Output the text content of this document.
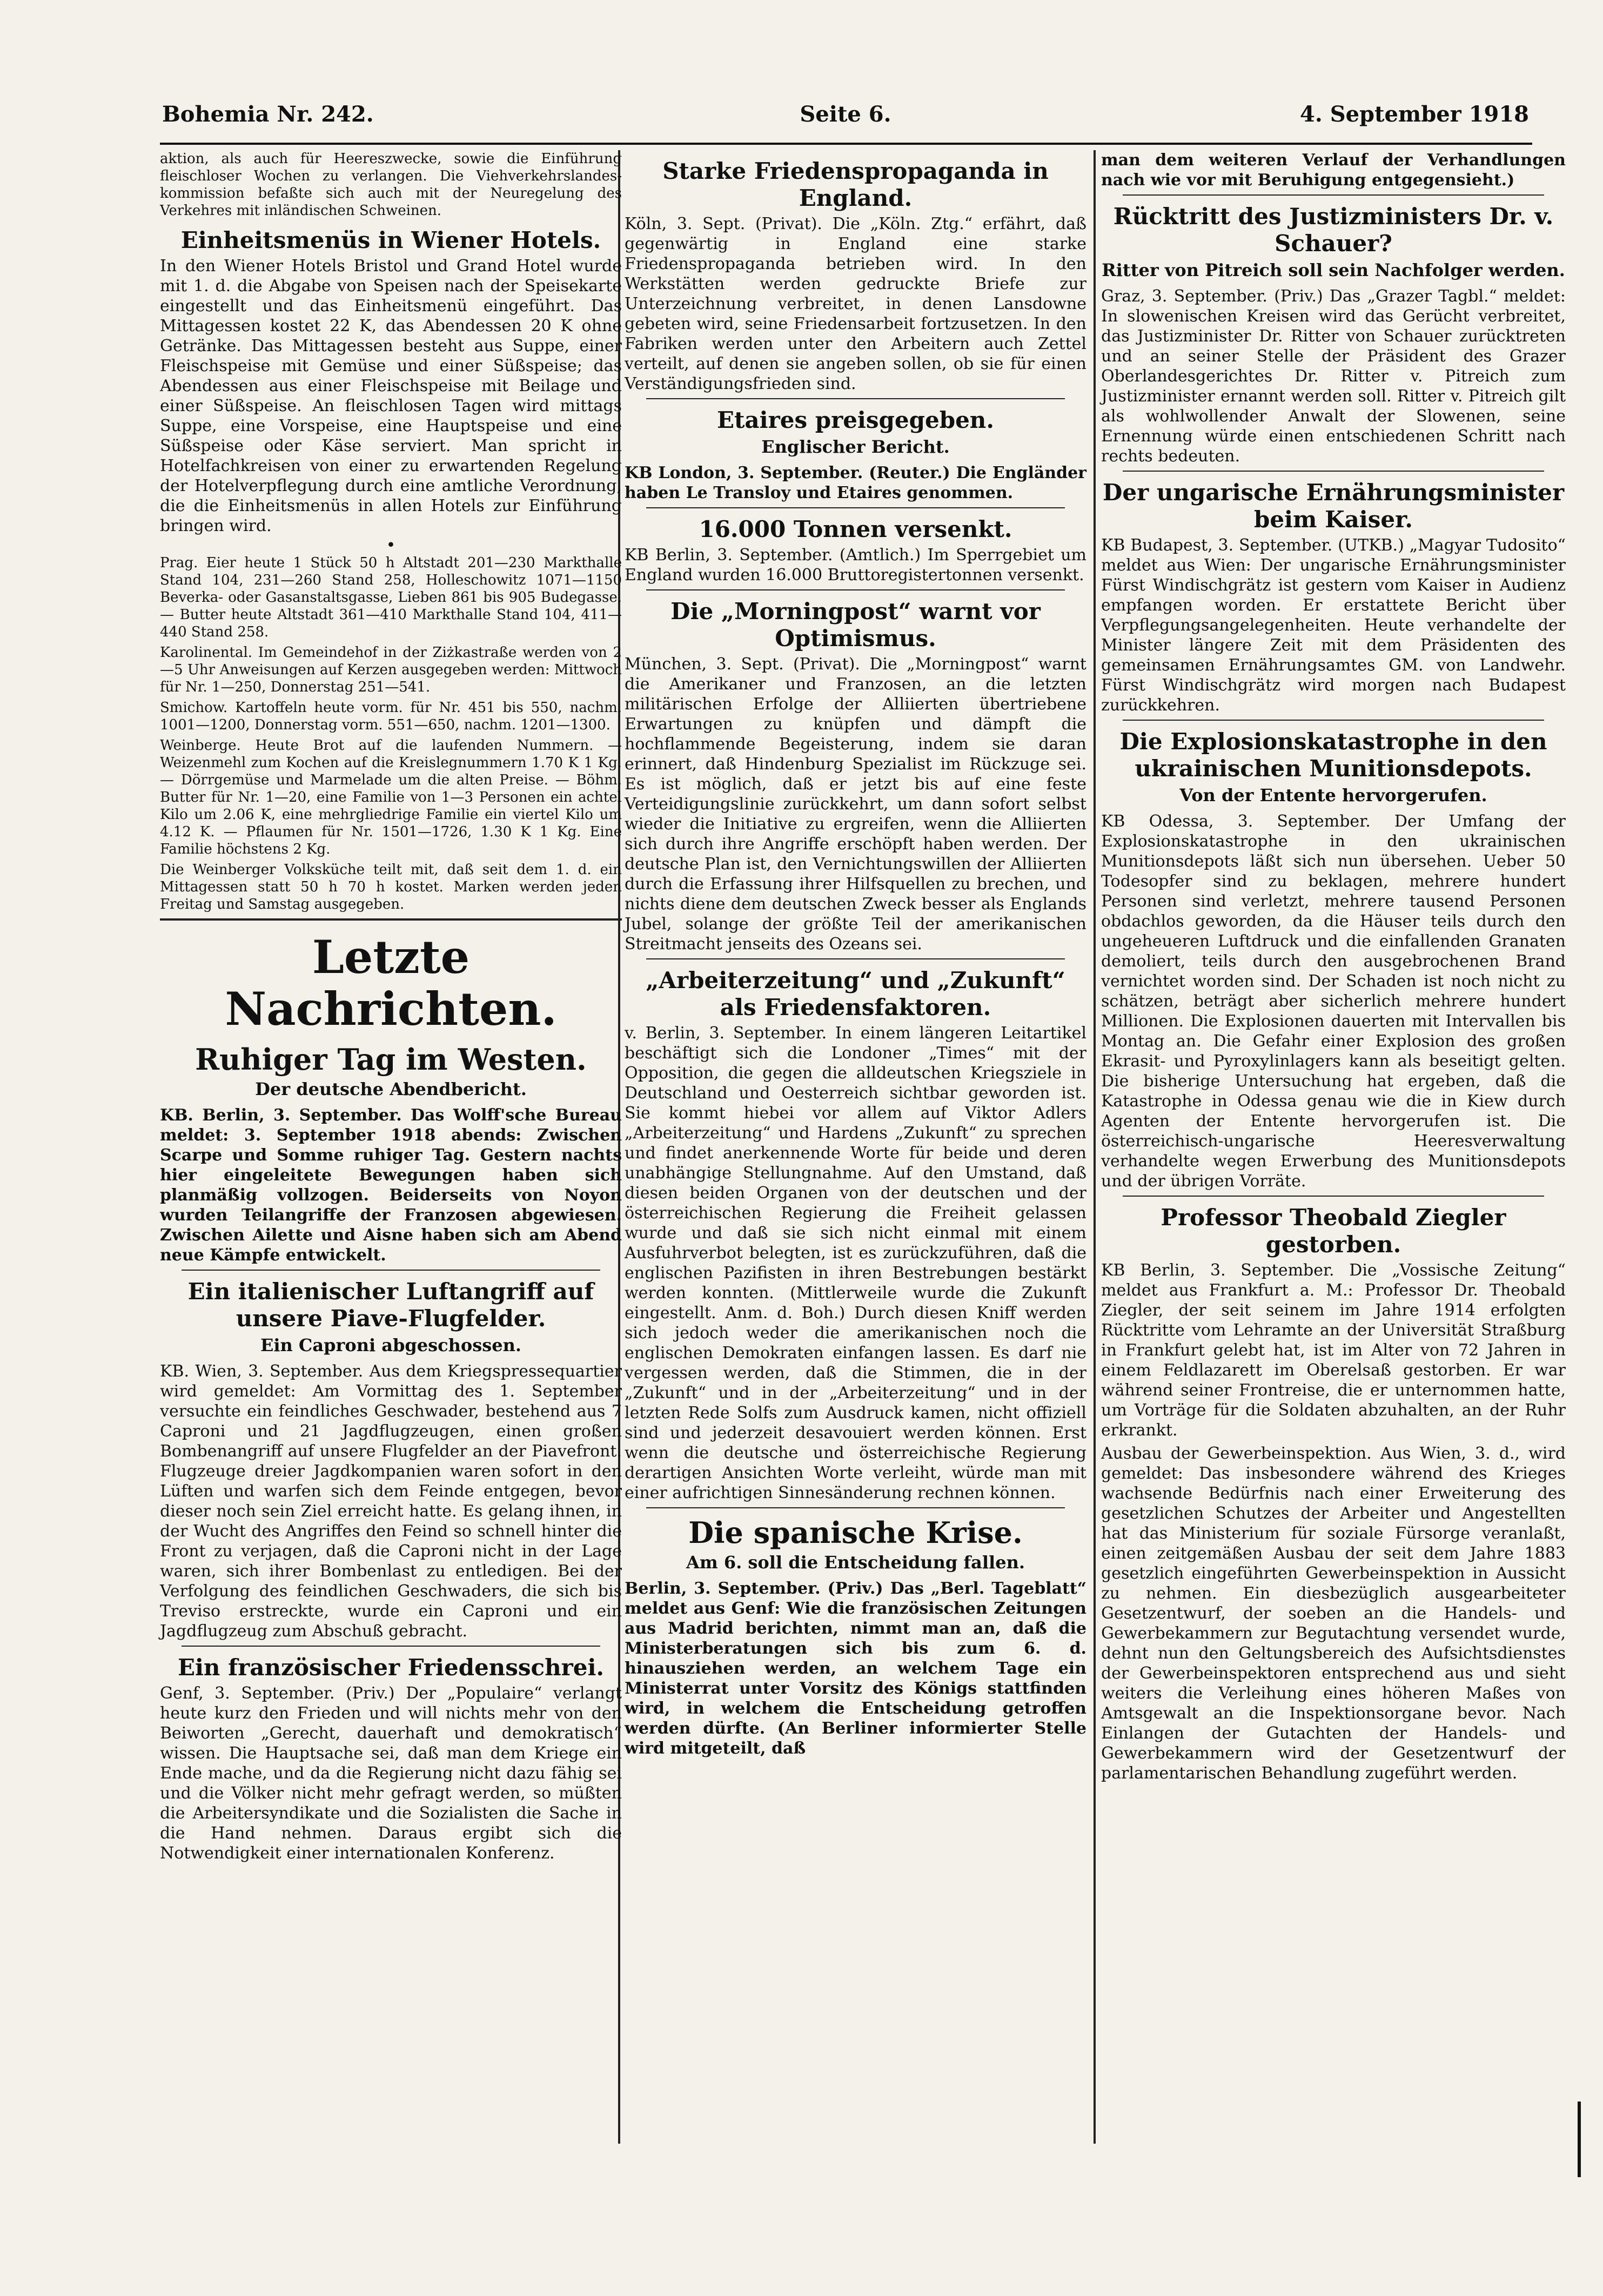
Bohemia Nr. 242.	Seite 6.	4. September 1918

aktion, als auch für Heereszwecke, sowie die Einführung fleischloser Wochen zu verlangen. Die Viehverkehrslandes-kommission befaßte sich auch mit der Neuregelung des Verkehres mit inländischen Schweinen.

Einheitsmenüs in Wiener Hotels.

In den Wiener Hotels Bristol und Grand Hotel wurde mit 1. d. die Abgabe von Speisen nach der Speisekarte eingestellt und das Einheitsmenü eingeführt. Das Mittagessen kostet 22 K, das Abendessen 20 K ohne Getränke. Das Mittagessen besteht aus Suppe, einer Fleischspeise mit Gemüse und einer Süßspeise; das Abendessen aus einer Fleischspeise mit Beilage und einer Süßspeise. An fleischlosen Tagen wird mittags Suppe, eine Vorspeise, eine Hauptspeise und eine Süßspeise oder Käse serviert. Man spricht in Hotelfachkreisen von einer zu erwartenden Regelung der Hotelverpflegung durch eine amtliche Verordnung, die die Einheitsmenüs in allen Hotels zur Einführung bringen wird.

•

Prag. Eier heute 1 Stück 50 h Altstadt 201—230 Markthalle Stand 104, 231—260 Stand 258, Holleschowitz 1071—1150 Beverka- oder Gasanstaltsgasse, Lieben 861 bis 905 Budegasse. — Butter heute Altstadt 361—410 Markthalle Stand 104, 411—440 Stand 258.

Karolinental. Im Gemeindehof in der Ziżkastraße werden von 2—5 Uhr Anweisungen auf Kerzen ausgegeben werden: Mittwoch für Nr. 1—250, Donnerstag 251—541.

Smichow. Kartoffeln heute vorm. für Nr. 451 bis 550, nachm. 1001—1200, Donnerstag vorm. 551—650, nachm. 1201—1300.

Weinberge. Heute Brot auf die laufenden Nummern. — Weizenmehl zum Kochen auf die Kreislegnummern 1.70 K 1 Kg. — Dörrgemüse und Marmelade um die alten Preise. — Böhm. Butter für Nr. 1—20, eine Familie von 1—3 Personen ein achtel Kilo um 2.06 K, eine mehrgliedrige Familie ein viertel Kilo um 4.12 K. — Pflaumen für Nr. 1501—1726, 1.30 K 1 Kg. Eine Familie höchstens 2 Kg.

Die Weinberger Volksküche teilt mit, daß seit dem 1. d. ein Mittagessen statt 50 h 70 h kostet. Marken werden jeden Freitag und Samstag ausgegeben.

Letzte Nachrichten.
Ruhiger Tag im Westen.
Der deutsche Abendbericht.

KB. Berlin, 3. September. Das Wolff'sche Bureau meldet: 3. September 1918 abends: Zwischen Scarpe und Somme ruhiger Tag. Gestern nachts hier eingeleitete Bewegungen haben sich planmäßig vollzogen. Beiderseits von Noyon wurden Teilangriffe der Franzosen abgewiesen. Zwischen Ailette und Aisne haben sich am Abend neue Kämpfe entwickelt.

Ein italienischer Luftangriff auf unsere Piave-Flugfelder.
Ein Caproni abgeschossen.

KB. Wien, 3. September. Aus dem Kriegspressequartier wird gemeldet: Am Vormittag des 1. September versuchte ein feindliches Geschwader, bestehend aus 7 Caproni und 21 Jagdflugzeugen, einen großen Bombenangriff auf unsere Flugfelder an der Piavefront. Flugzeuge dreier Jagdkompanien waren sofort in den Lüften und warfen sich dem Feinde entgegen, bevor dieser noch sein Ziel erreicht hatte. Es gelang ihnen, in der Wucht des Angriffes den Feind so schnell hinter die Front zu verjagen, daß die Caproni nicht in der Lage waren, sich ihrer Bombenlast zu entledigen. Bei der Verfolgung des feindlichen Geschwaders, die sich bis Treviso erstreckte, wurde ein Caproni und ein Jagdflugzeug zum Abschuß gebracht.

Ein französischer Friedensschrei.

Genf, 3. September. (Priv.) Der „Populaire“ verlangt heute kurz den Frieden und will nichts mehr von den Beiworten „Gerecht, dauerhaft und demokratisch“ wissen. Die Hauptsache sei, daß man dem Kriege ein Ende mache, und da die Regierung nicht dazu fähig sei und die Völker nicht mehr gefragt werden, so müßten die Arbeitersyndikate und die Sozialisten die Sache in die Hand nehmen. Daraus ergibt sich die Notwendigkeit einer internationalen Konferenz.

Starke Friedenspropaganda in England.

Köln, 3. Sept. (Privat). Die „Köln. Ztg.“ erfährt, daß gegenwärtig in England eine starke Friedenspropaganda betrieben wird. In den Werkstätten werden gedruckte Briefe zur Unterzeichnung verbreitet, in denen Lansdowne gebeten wird, seine Friedensarbeit fortzusetzen. In den Fabriken werden unter den Arbeitern auch Zettel verteilt, auf denen sie angeben sollen, ob sie für einen Verständigungsfrieden sind.

Etaires preisgegeben.
Englischer Bericht.

KB London, 3. September. (Reuter.) Die Engländer haben Le Transloy und Etaires genommen.

16.000 Tonnen versenkt.

KB Berlin, 3. September. (Amtlich.) Im Sperrgebiet um England wurden 16.000 Bruttoregistertonnen versenkt.

Die „Morningpost“ warnt vor Optimismus.

München, 3. Sept. (Privat). Die „Morningpost“ warnt die Amerikaner und Franzosen, an die letzten militärischen Erfolge der Alliierten übertriebene Erwartungen zu knüpfen und dämpft die hochflammende Begeisterung, indem sie daran erinnert, daß Hindenburg Spezialist im Rückzuge sei. Es ist möglich, daß er jetzt bis auf eine feste Verteidigungslinie zurückkehrt, um dann sofort selbst wieder die Initiative zu ergreifen, wenn die Alliierten sich durch ihre Angriffe erschöpft haben werden. Der deutsche Plan ist, den Vernichtungswillen der Alliierten durch die Erfassung ihrer Hilfsquellen zu brechen, und nichts diene dem deutschen Zweck besser als Englands Jubel, solange der größte Teil der amerikanischen Streitmacht jenseits des Ozeans sei.

„Arbeiterzeitung“ und „Zukunft“ als Friedensfaktoren.

v. Berlin, 3. September. In einem längeren Leitartikel beschäftigt sich die Londoner „Times“ mit der Opposition, die gegen die alldeutschen Kriegsziele in Deutschland und Oesterreich sichtbar geworden ist. Sie kommt hiebei vor allem auf Viktor Adlers „Arbeiterzeitung“ und Hardens „Zukunft“ zu sprechen und findet anerkennende Worte für beide und deren unabhängige Stellungnahme. Auf den Umstand, daß diesen beiden Organen von der deutschen und der österreichischen Regierung die Freiheit gelassen wurde und daß sie sich nicht einmal mit einem Ausfuhrverbot belegten, ist es zurückzuführen, daß die englischen Pazifisten in ihren Bestrebungen bestärkt werden konnten. (Mittlerweile wurde die Zukunft eingestellt. Anm. d. Boh.) Durch diesen Kniff werden sich jedoch weder die amerikanischen noch die englischen Demokraten einfangen lassen. Es darf nie vergessen werden, daß die Stimmen, die in der „Zukunft“ und in der „Arbeiterzeitung“ und in der letzten Rede Solfs zum Ausdruck kamen, nicht offiziell sind und jederzeit desavouiert werden können. Erst wenn die deutsche und österreichische Regierung derartigen Ansichten Worte verleiht, würde man mit einer aufrichtigen Sinnesänderung rechnen können.

Die spanische Krise.
Am 6. soll die Entscheidung fallen.

Berlin, 3. September. (Priv.) Das „Berl. Tageblatt“ meldet aus Genf: Wie die französischen Zeitungen aus Madrid berichten, nimmt man an, daß die Ministerberatungen sich bis zum 6. d. hinausziehen werden, an welchem Tage ein Ministerrat unter Vorsitz des Königs stattfinden wird, in welchem die Entscheidung getroffen werden dürfte. (An Berliner informierter Stelle wird mitgeteilt, daß

man dem weiteren Verlauf der Verhandlungen nach wie vor mit Beruhigung entgegensieht.)

Rücktritt des Justizministers Dr. v. Schauer?
Ritter von Pitreich soll sein Nachfolger werden.

Graz, 3. September. (Priv.) Das „Grazer Tagbl.“ meldet: In slowenischen Kreisen wird das Gerücht verbreitet, das Justizminister Dr. Ritter von Schauer zurücktreten und an seiner Stelle der Präsident des Grazer Oberlandesgerichtes Dr. Ritter v. Pitreich zum Justizminister ernannt werden soll. Ritter v. Pitreich gilt als wohlwollender Anwalt der Slowenen, seine Ernennung würde einen entschiedenen Schritt nach rechts bedeuten.

Der ungarische Ernährungsminister beim Kaiser.

KB Budapest, 3. September. (UTKB.) „Magyar Tudosito“ meldet aus Wien: Der ungarische Ernährungsminister Fürst Windischgrätz ist gestern vom Kaiser in Audienz empfangen worden. Er erstattete Bericht über Verpflegungsangelegenheiten. Heute verhandelte der Minister längere Zeit mit dem Präsidenten des gemeinsamen Ernährungsamtes GM. von Landwehr. Fürst Windischgrätz wird morgen nach Budapest zurückkehren.

Die Explosionskatastrophe in den ukrainischen Munitionsdepots.
Von der Entente hervorgerufen.

KB Odessa, 3. September. Der Umfang der Explosionskatastrophe in den ukrainischen Munitionsdepots läßt sich nun übersehen. Ueber 50 Todesopfer sind zu beklagen, mehrere hundert Personen sind verletzt, mehrere tausend Personen obdachlos geworden, da die Häuser teils durch den ungeheueren Luftdruck und die einfallenden Granaten demoliert, teils durch den ausgebrochenen Brand vernichtet worden sind. Der Schaden ist noch nicht zu schätzen, beträgt aber sicherlich mehrere hundert Millionen. Die Explosionen dauerten mit Intervallen bis Montag an. Die Gefahr einer Explosion des großen Ekrasit- und Pyroxylinlagers kann als beseitigt gelten. Die bisherige Untersuchung hat ergeben, daß die Katastrophe in Odessa genau wie die in Kiew durch Agenten der Entente hervorgerufen ist. Die österreichisch-ungarische Heeresverwaltung verhandelte wegen Erwerbung des Munitionsdepots und der übrigen Vorräte.

Professor Theobald Ziegler gestorben.

KB Berlin, 3. September. Die „Vossische Zeitung“ meldet aus Frankfurt a. M.: Professor Dr. Theobald Ziegler, der seit seinem im Jahre 1914 erfolgten Rücktritte vom Lehramte an der Universität Straßburg in Frankfurt gelebt hat, ist im Alter von 72 Jahren in einem Feldlazarett im Oberelsaß gestorben. Er war während seiner Frontreise, die er unternommen hatte, um Vorträge für die Soldaten abzuhalten, an der Ruhr erkrankt.

Ausbau der Gewerbeinspektion. Aus Wien, 3. d., wird gemeldet: Das insbesondere während des Krieges wachsende Bedürfnis nach einer Erweiterung des gesetzlichen Schutzes der Arbeiter und Angestellten hat das Ministerium für soziale Fürsorge veranlaßt, einen zeitgemäßen Ausbau der seit dem Jahre 1883 gesetzlich eingeführten Gewerbeinspektion in Aussicht zu nehmen. Ein diesbezüglich ausgearbeiteter Gesetzentwurf, der soeben an die Handels- und Gewerbekammern zur Begutachtung versendet wurde, dehnt nun den Geltungsbereich des Aufsichtsdienstes der Gewerbeinspektoren entsprechend aus und sieht weiters die Verleihung eines höheren Maßes von Amtsgewalt an die Inspektionsorgane bevor. Nach Einlangen der Gutachten der Handels- und Gewerbekammern wird der Gesetzentwurf der parlamentarischen Behandlung zugeführt werden.
